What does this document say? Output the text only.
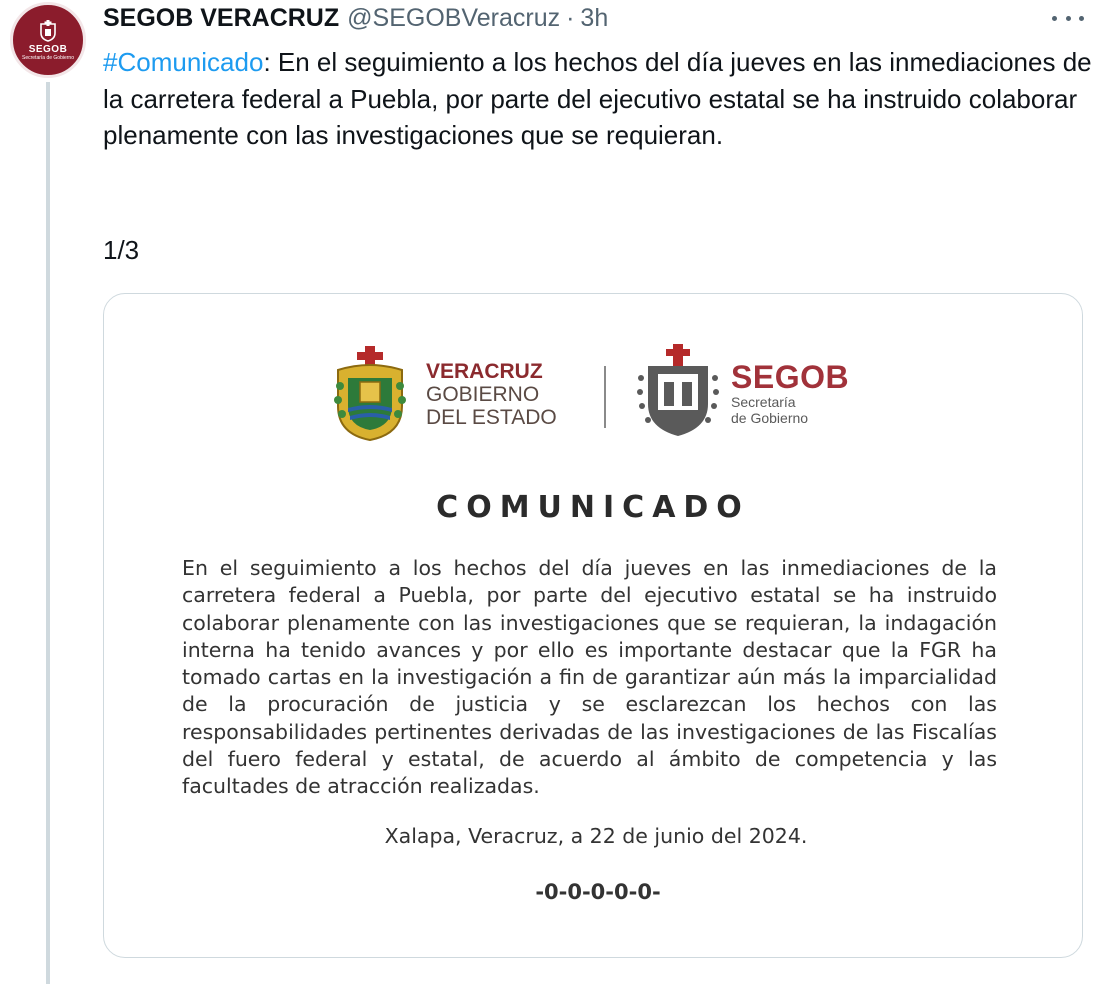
SEGOB
Secretaría de Gobierno
SEGOB VERACRUZ @SEGOBVeracruz · 3h
#Comunicado: En el seguimiento a los hechos del día jueves en las inmediaciones de la carretera federal a Puebla, por parte del ejecutivo estatal se ha instruido colaborar plenamente con las investigaciones que se requieran.
1/3
VERACRUZ
GOBIERNO
DEL ESTADO
SEGOB
Secretaría
de Gobierno
COMUNICADO
En el seguimiento a los hechos del día jueves en las inmediaciones de la carretera federal a Puebla, por parte del ejecutivo estatal se ha instruido colaborar plenamente con las investigaciones que se requieran, la indagación interna ha tenido avances y por ello es importante destacar que la FGR ha tomado cartas en la investigación a fin de garantizar aún más la imparcialidad de la procuración de justicia y se esclarezcan los hechos con las responsabilidades pertinentes derivadas de las investigaciones de las Fiscalías del fuero federal y estatal, de acuerdo al ámbito de competencia y las facultades de atracción realizadas.
Xalapa, Veracruz, a 22 de junio del 2024.
-0-0-0-0-0-
